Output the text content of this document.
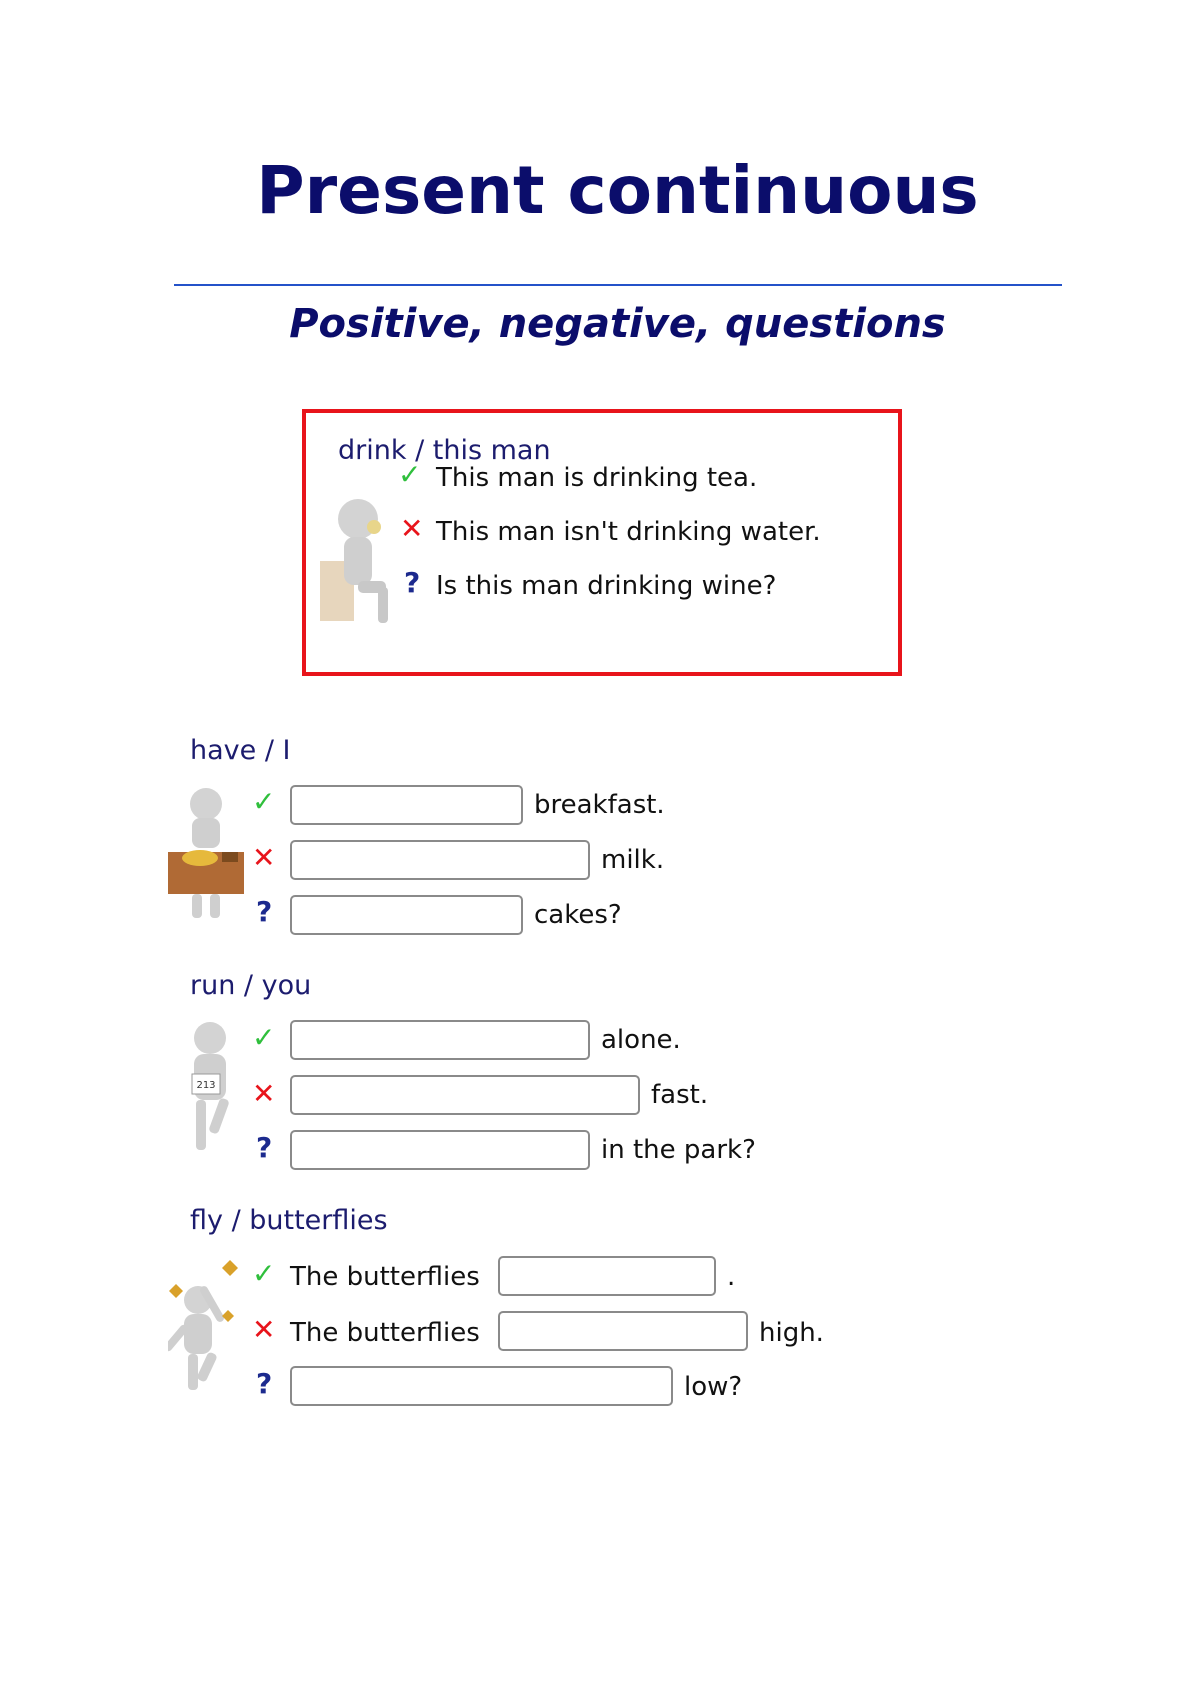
Present continuous
Positive, negative, questions
drink / this man
✓ This man is drinking tea.
✕ This man isn't drinking water.
? Is this man drinking wine?
have / I
✓	breakfast.
✕	milk.
?	cakes?
run / you
213
✓	alone.
✕	fast.
?	in the park?
fly / butterflies
✓ The butterflies	.
✕ The butterflies	high.
?	low?
